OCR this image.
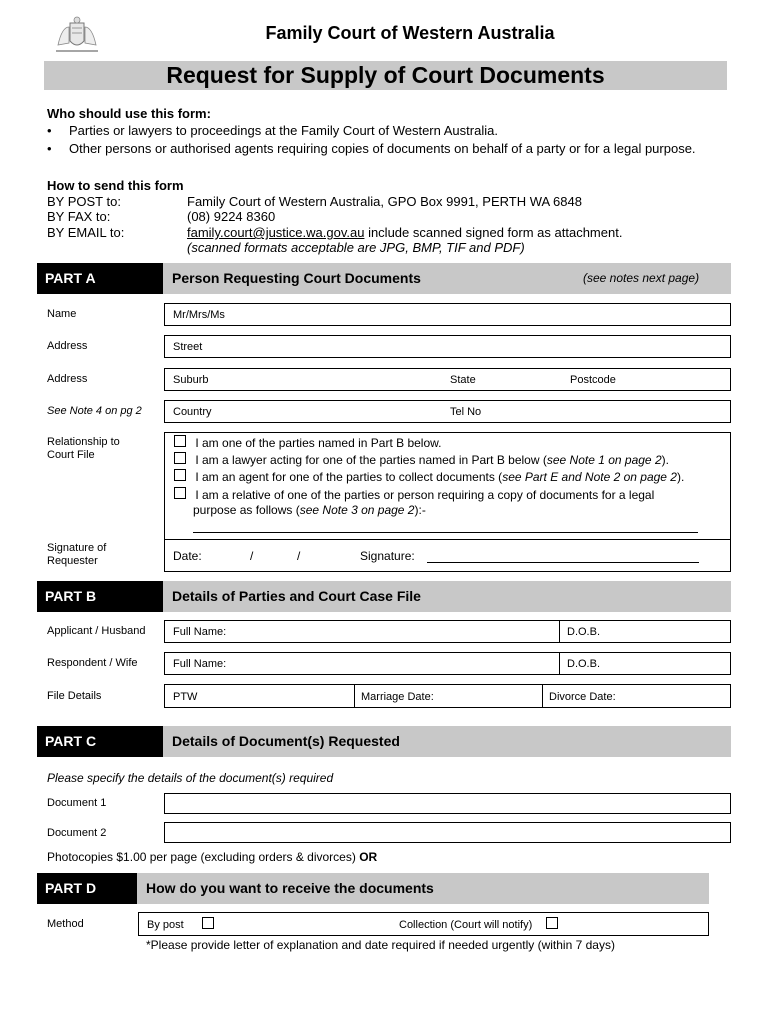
Family Court of Western Australia
Request for Supply of Court Documents
Who should use this form:
• Parties or lawyers to proceedings at the Family Court of Western Australia.
• Other persons or authorised agents requiring copies of documents on behalf of a party or for a legal purpose.
How to send this form
BY POST to:	Family Court of Western Australia, GPO Box 9991, PERTH WA 6848
BY FAX to:	(08) 9224 8360
BY EMAIL to:	family.court@justice.wa.gov.au include scanned signed form as attachment.
(scanned formats acceptable are JPG, BMP, TIF and PDF)
PART A	Person Requesting Court Documents	(see notes next page)
Name	Mr/Mrs/Ms
Address	Street
Address	Suburb	State	Postcode
See Note 4 on pg 2	Country	Tel No
Relationship to
Court File
I am one of the parties named in Part B below.
I am a lawyer acting for one of the parties named in Part B below (see Note 1 on page 2).
I am an agent for one of the parties to collect documents (see Part E and Note 2 on page 2).
I am a relative of one of the parties or person requiring a copy of documents for a legal
purpose as follows (see Note 3 on page 2):-
Signature of
Requester	Date:	/	/	Signature:
PART B	Details of Parties and Court Case File
Applicant / Husband	Full Name:	D.O.B.
Respondent / Wife	Full Name:	D.O.B.
File Details	PTW	Marriage Date:	Divorce Date:
PART C	Details of Document(s) Requested
Please specify the details of the document(s) required
Document 1
Document 2
Photocopies $1.00 per page (excluding orders & divorces) OR
PART D	How do you want to receive the documents
Method	By post	Collection (Court will notify)
*Please provide letter of explanation and date required if needed urgently (within 7 days)
